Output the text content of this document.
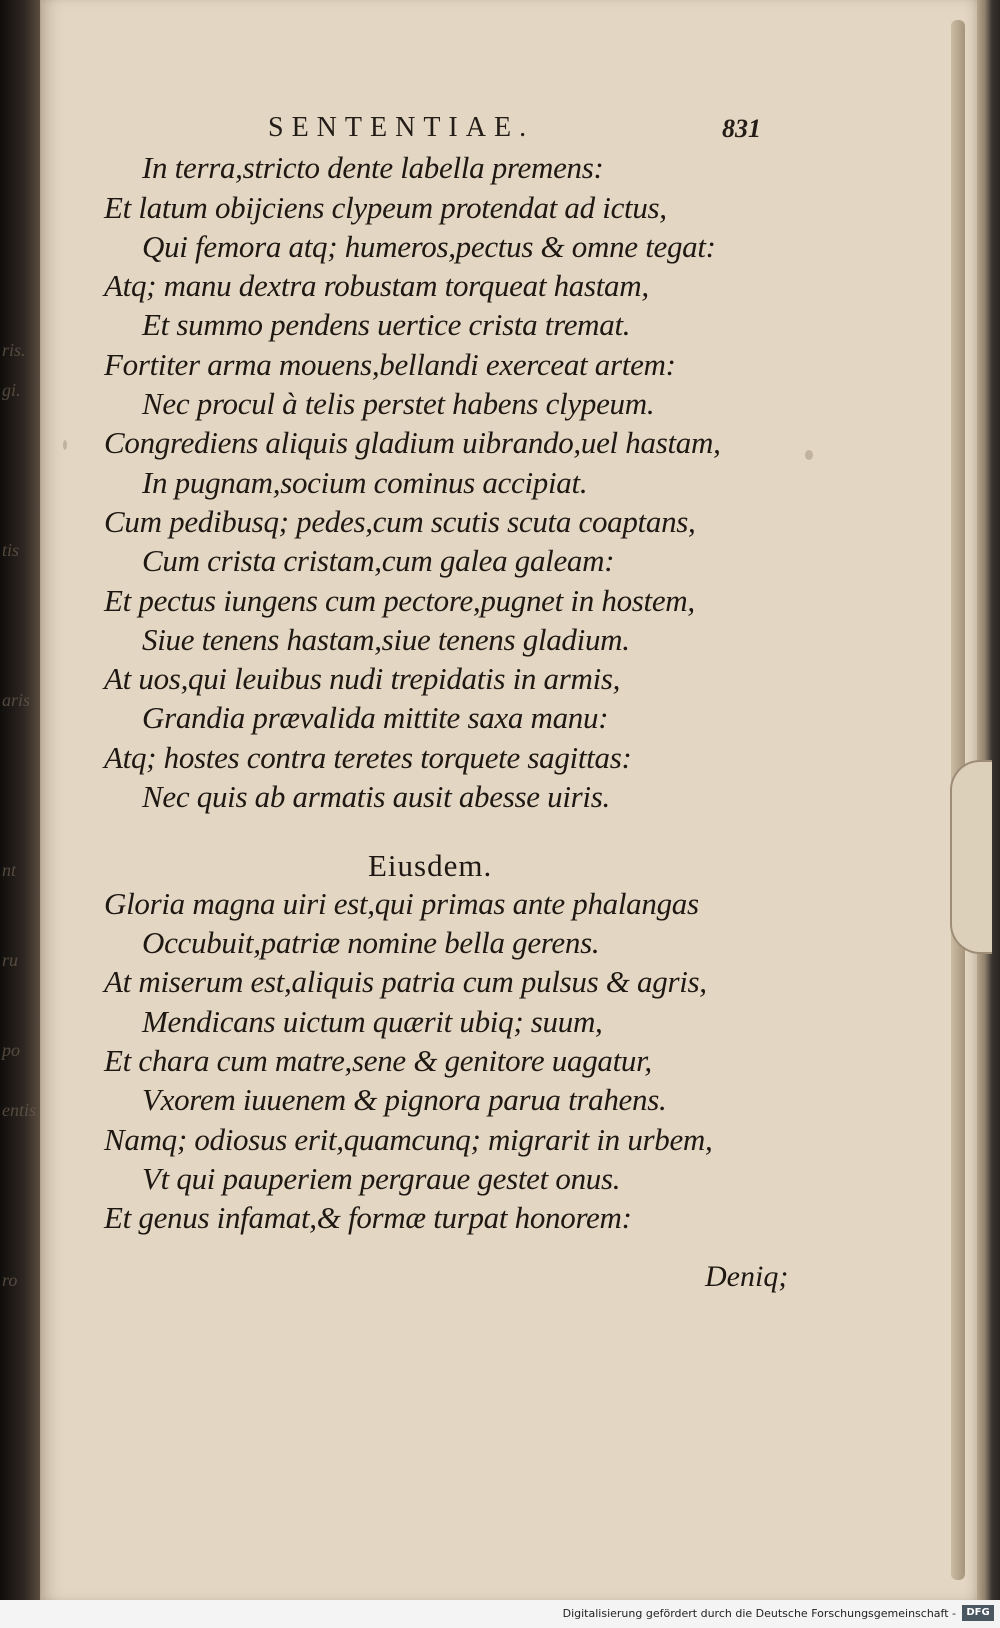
ris.
gi.
tis
aris
nt
ru
po
entis
ro
SENTENTIAE.	831
In terra,stricto dente labella premens:
Et latum obijciens clypeum protendat ad ictus,
Qui femora atq; humeros,pectus & omne tegat:
Atq; manu dextra robustam torqueat hastam,
Et summo pendens uertice crista tremat.
Fortiter arma mouens,bellandi exerceat artem:
Nec procul à telis perstet habens clypeum.
Congrediens aliquis gladium uibrando,uel hastam,
In pugnam,socium cominus accipiat.
Cum pedibusq; pedes,cum scutis scuta coaptans,
Cum crista cristam,cum galea galeam:
Et pectus iungens cum pectore,pugnet in hostem,
Siue tenens hastam,siue tenens gladium.
At uos,qui leuibus nudi trepidatis in armis,
Grandia prævalida mittite saxa manu:
Atq; hostes contra teretes torquete sagittas:
Nec quis ab armatis ausit abesse uiris.
Eiusdem.
Gloria magna uiri est,qui primas ante phalangas
Occubuit,patriæ nomine bella gerens.
At miserum est,aliquis patria cum pulsus & agris,
Mendicans uictum quærit ubiq; suum,
Et chara cum matre,sene & genitore uagatur,
Vxorem iuuenem & pignora parua trahens.
Namq; odiosus erit,quamcunq; migrarit in urbem,
Vt qui pauperiem pergraue gestet onus.
Et genus infamat,& formæ turpat honorem:
Deniq;
Digitalisierung gefördert durch die Deutsche Forschungsgemeinschaft -	DFG
